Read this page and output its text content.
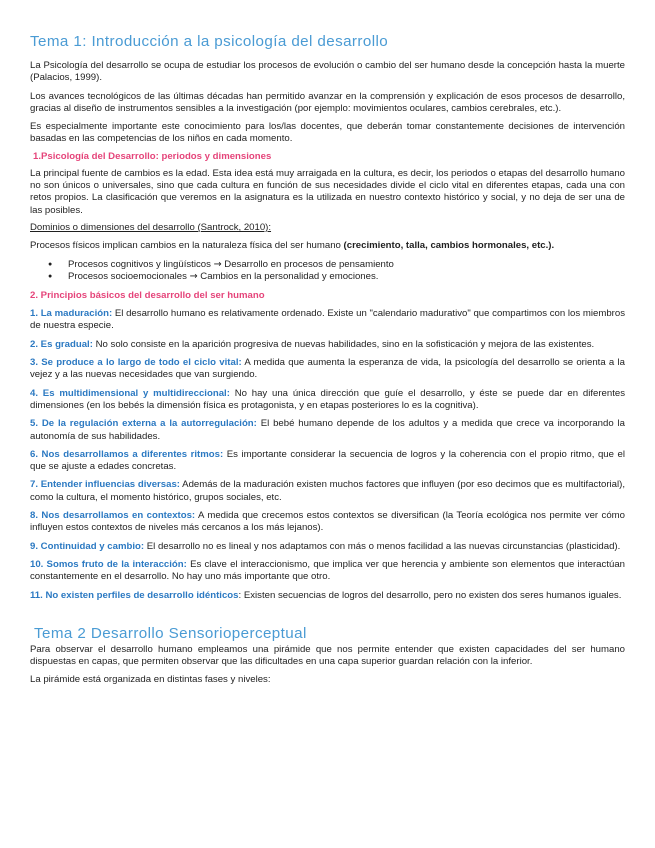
Tema 1: Introducción a la psicología del desarrollo

La Psicología del desarrollo se ocupa de estudiar los procesos de evolución o cambio del ser humano desde la concepción hasta la muerte (Palacios, 1999).

Los avances tecnológicos de las últimas décadas han permitido avanzar en la comprensión y explicación de esos procesos de desarrollo, gracias al diseño de instrumentos sensibles a la investigación (por ejemplo: movimientos oculares, cambios cerebrales, etc.).

Es especialmente importante este conocimiento para los/las docentes, que deberán tomar constantemente decisiones de intervención basadas en las competencias de los niños en cada momento.

1.Psicología del Desarrollo: periodos y dimensiones

La principal fuente de cambios es la edad. Esta idea está muy arraigada en la cultura, es decir, los periodos o etapas del desarrollo humano no son únicos o universales, sino que cada cultura en función de sus necesidades divide el ciclo vital en diferentes etapas, cada una con retos propios. La clasificación que veremos en la asignatura es la utilizada en nuestro contexto histórico y social, y no deja de ser una de las posibles.

Dominios o dimensiones del desarrollo (Santrock, 2010):

Procesos físicos implican cambios en la naturaleza física del ser humano (crecimiento, talla, cambios hormonales, etc.).

● Procesos cognitivos y lingüísticos → Desarrollo en procesos de pensamiento
● Procesos socioemocionales → Cambios en la personalidad y emociones.

2. Principios básicos del desarrollo del ser humano

1. La maduración: El desarrollo humano es relativamente ordenado. Existe un "calendario madurativo" que compartimos con los miembros de nuestra especie.

2. Es gradual: No solo consiste en la aparición progresiva de nuevas habilidades, sino en la sofisticación y mejora de las existentes.

3. Se produce a lo largo de todo el ciclo vital: A medida que aumenta la esperanza de vida, la psicología del desarrollo se orienta a la vejez y a las nuevas necesidades que van surgiendo.

4. Es multidimensional y multidireccional: No hay una única dirección que guíe el desarrollo, y éste se puede dar en diferentes dimensiones (en los bebés la dimensión física es protagonista, y en etapas posteriores lo es la cognitiva).

5. De la regulación externa a la autorregulación: El bebé humano depende de los adultos y a medida que crece va incorporando la autonomía de sus habilidades.

6. Nos desarrollamos a diferentes ritmos: Es importante considerar la secuencia de logros y la coherencia con el propio ritmo, que el que se ajuste a edades concretas.

7. Entender influencias diversas: Además de la maduración existen muchos factores que influyen (por eso decimos que es multifactorial), como la cultura, el momento histórico, grupos sociales, etc.

8. Nos desarrollamos en contextos: A medida que crecemos estos contextos se diversifican (la Teoría ecológica nos permite ver cómo influyen estos contextos de niveles más cercanos a los más lejanos).

9. Continuidad y cambio: El desarrollo no es lineal y nos adaptamos con más o menos facilidad a las nuevas circunstancias (plasticidad).

10. Somos fruto de la interacción: Es clave el interaccionismo, que implica ver que herencia y ambiente son elementos que interactúan constantemente en el desarrollo. No hay uno más importante que otro.

11. No existen perfiles de desarrollo idénticos: Existen secuencias de logros del desarrollo, pero no existen dos seres humanos iguales.

Tema 2 Desarrollo Sensorioperceptual

Para observar el desarrollo humano empleamos una pirámide que nos permite entender que existen capacidades del ser humano dispuestas en capas, que permiten observar que las dificultades en una capa superior guardan relación con la inferior.

La pirámide está organizada en distintas fases y niveles:
